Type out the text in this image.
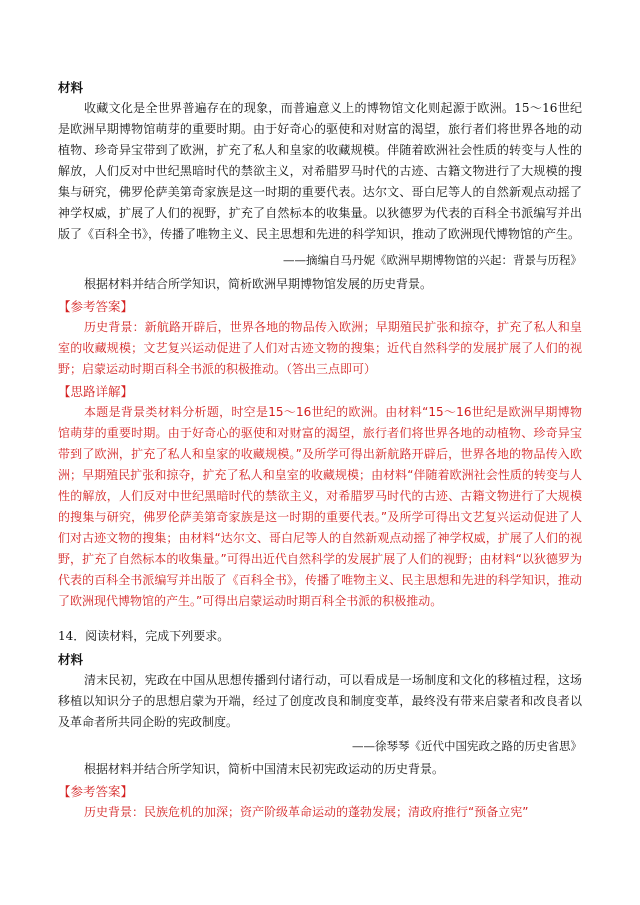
材料

收藏文化是全世界普遍存在的现象，而普遍意义上的博物馆文化则起源于欧洲。15～16世纪是欧洲早期博物馆萌芽的重要时期。由于好奇心的驱使和对财富的渴望，旅行者们将世界各地的动植物、珍奇异宝带到了欧洲，扩充了私人和皇家的收藏规模。伴随着欧洲社会性质的转变与人性的解放，人们反对中世纪黑暗时代的禁欲主义，对希腊罗马时代的古迹、古籍文物进行了大规模的搜集与研究，佛罗伦萨美第奇家族是这一时期的重要代表。达尔文、哥白尼等人的自然新观点动摇了神学权威，扩展了人们的视野，扩充了自然标本的收集量。以狄德罗为代表的百科全书派编写并出版了《百科全书》，传播了唯物主义、民主思想和先进的科学知识，推动了欧洲现代博物馆的产生。

——摘编自马丹妮《欧洲早期博物馆的兴起：背景与历程》
根据材料并结合所学知识，简析欧洲早期博物馆发展的历史背景。
【参考答案】

历史背景：新航路开辟后，世界各地的物品传入欧洲；早期殖民扩张和掠夺，扩充了私人和皇室的收藏规模；文艺复兴运动促进了人们对古迹文物的搜集；近代自然科学的发展扩展了人们的视野；启蒙运动时期百科全书派的积极推动。（答出三点即可）

【思路详解】

本题是背景类材料分析题，时空是15～16世纪的欧洲。由材料“15～16世纪是欧洲早期博物馆萌芽的重要时期。由于好奇心的驱使和对财富的渴望，旅行者们将世界各地的动植物、珍奇异宝带到了欧洲，扩充了私人和皇家的收藏规模。”及所学可得出新航路开辟后，世界各地的物品传入欧洲；早期殖民扩张和掠夺，扩充了私人和皇室的收藏规模；由材料“伴随着欧洲社会性质的转变与人性的解放，人们反对中世纪黑暗时代的禁欲主义，对希腊罗马时代的古迹、古籍文物进行了大规模的搜集与研究，佛罗伦萨美第奇家族是这一时期的重要代表。”及所学可得出文艺复兴运动促进了人们对古迹文物的搜集；由材料“达尔文、哥白尼等人的自然新观点动摇了神学权威，扩展了人们的视野，扩充了自然标本的收集量。”可得出近代自然科学的发展扩展了人们的视野；由材料“以狄德罗为代表的百科全书派编写并出版了《百科全书》，传播了唯物主义、民主思想和先进的科学知识，推动了欧洲现代博物馆的产生。”可得出启蒙运动时期百科全书派的积极推动。

14．阅读材料，完成下列要求。
材料

清末民初，宪政在中国从思想传播到付诸行动，可以看成是一场制度和文化的移植过程，这场移植以知识分子的思想启蒙为开端，经过了创度改良和制度变革，最终没有带来启蒙者和改良者以及革命者所共同企盼的宪政制度。

——徐琴琴《近代中国宪政之路的历史省思》
根据材料并结合所学知识，简析中国清末民初宪政运动的历史背景。
【参考答案】
历史背景：民族危机的加深；资产阶级革命运动的蓬勃发展；清政府推行“预备立宪”
